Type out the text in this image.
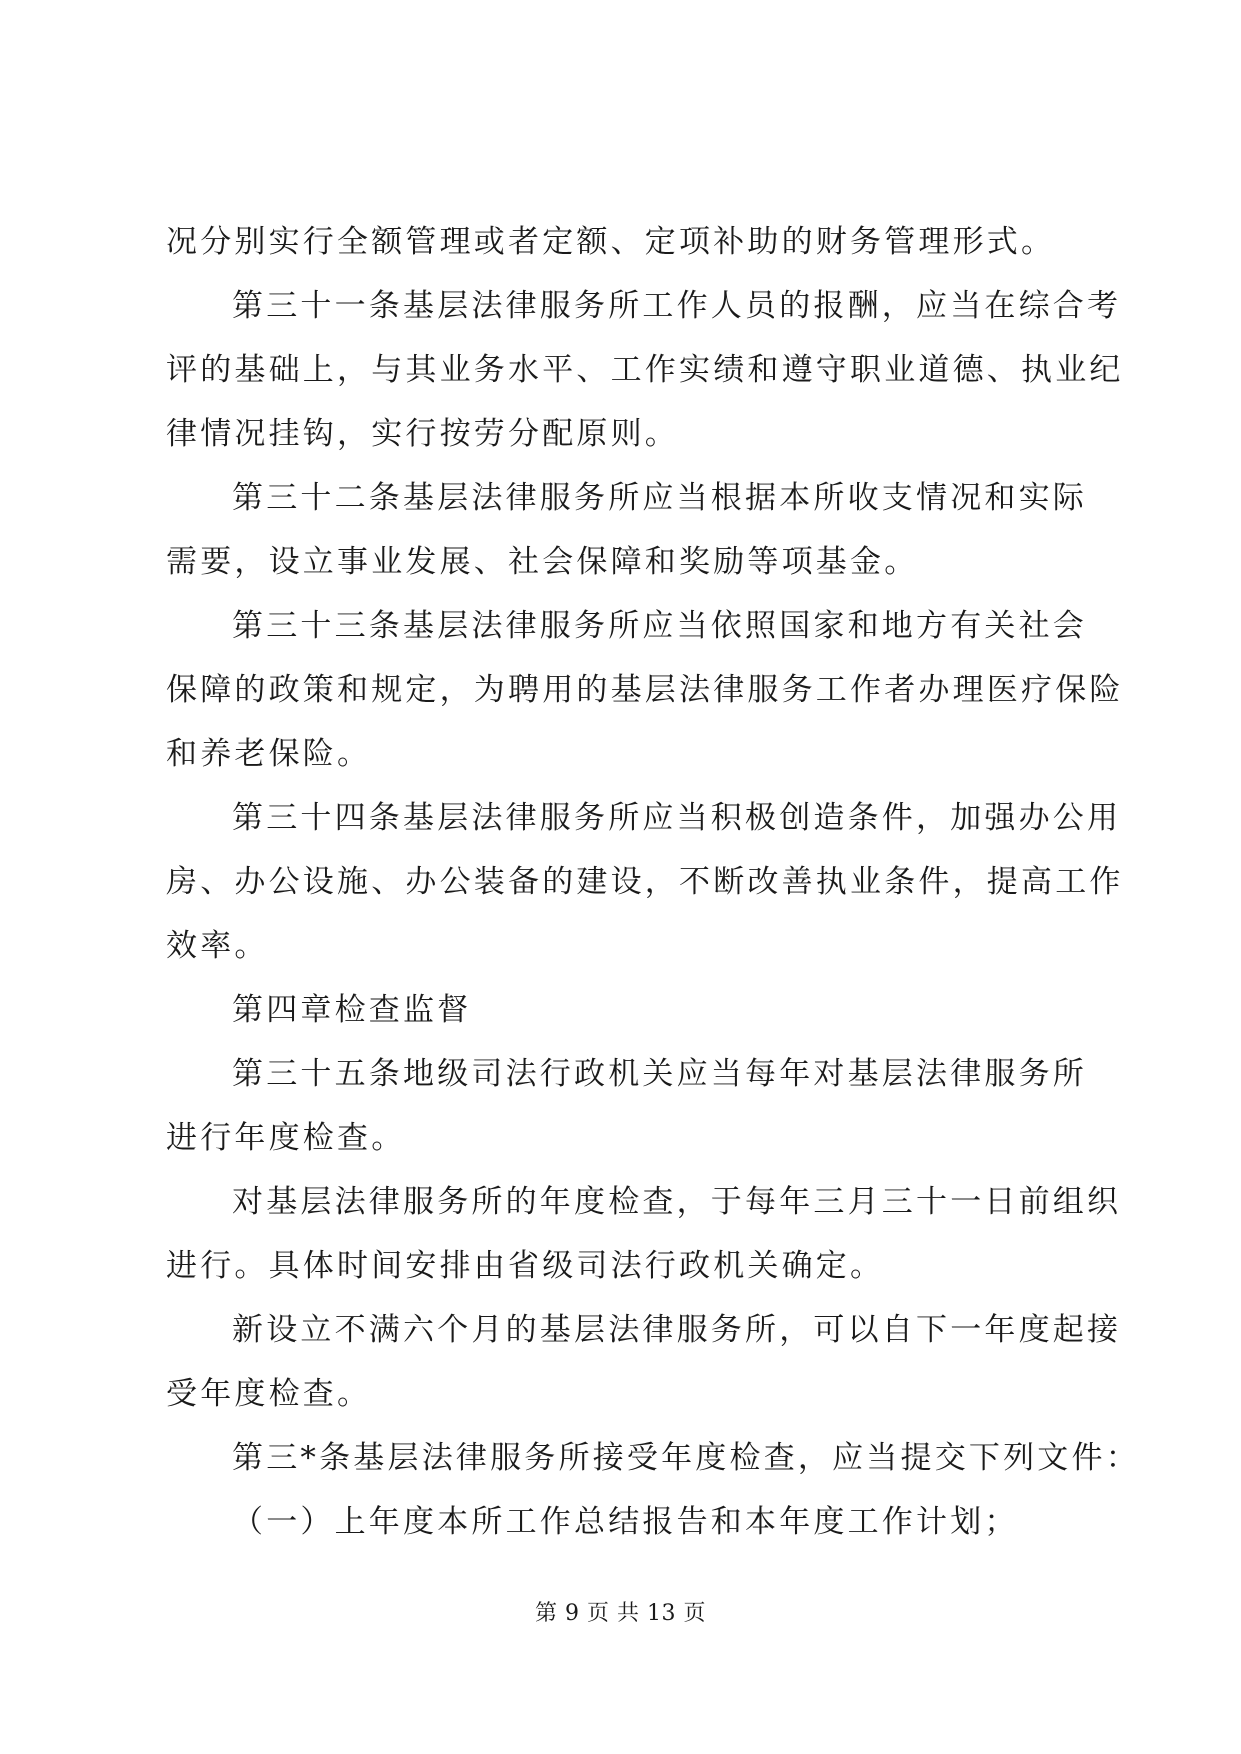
况分别实行全额管理或者定额、定项补助的财务管理形式。
第三十一条基层法律服务所工作人员的报酬，应当在综合考
评的基础上，与其业务水平、工作实绩和遵守职业道德、执业纪
律情况挂钩，实行按劳分配原则。
第三十二条基层法律服务所应当根据本所收支情况和实际
需要，设立事业发展、社会保障和奖励等项基金。
第三十三条基层法律服务所应当依照国家和地方有关社会
保障的政策和规定，为聘用的基层法律服务工作者办理医疗保险
和养老保险。
第三十四条基层法律服务所应当积极创造条件，加强办公用
房、办公设施、办公装备的建设，不断改善执业条件，提高工作
效率。
第四章检查监督
第三十五条地级司法行政机关应当每年对基层法律服务所
进行年度检查。
对基层法律服务所的年度检查，于每年三月三十一日前组织
进行。具体时间安排由省级司法行政机关确定。
新设立不满六个月的基层法律服务所，可以自下一年度起接
受年度检查。
第三*条基层法律服务所接受年度检查，应当提交下列文件：
（一）上年度本所工作总结报告和本年度工作计划；
第 9 页 共 13 页
